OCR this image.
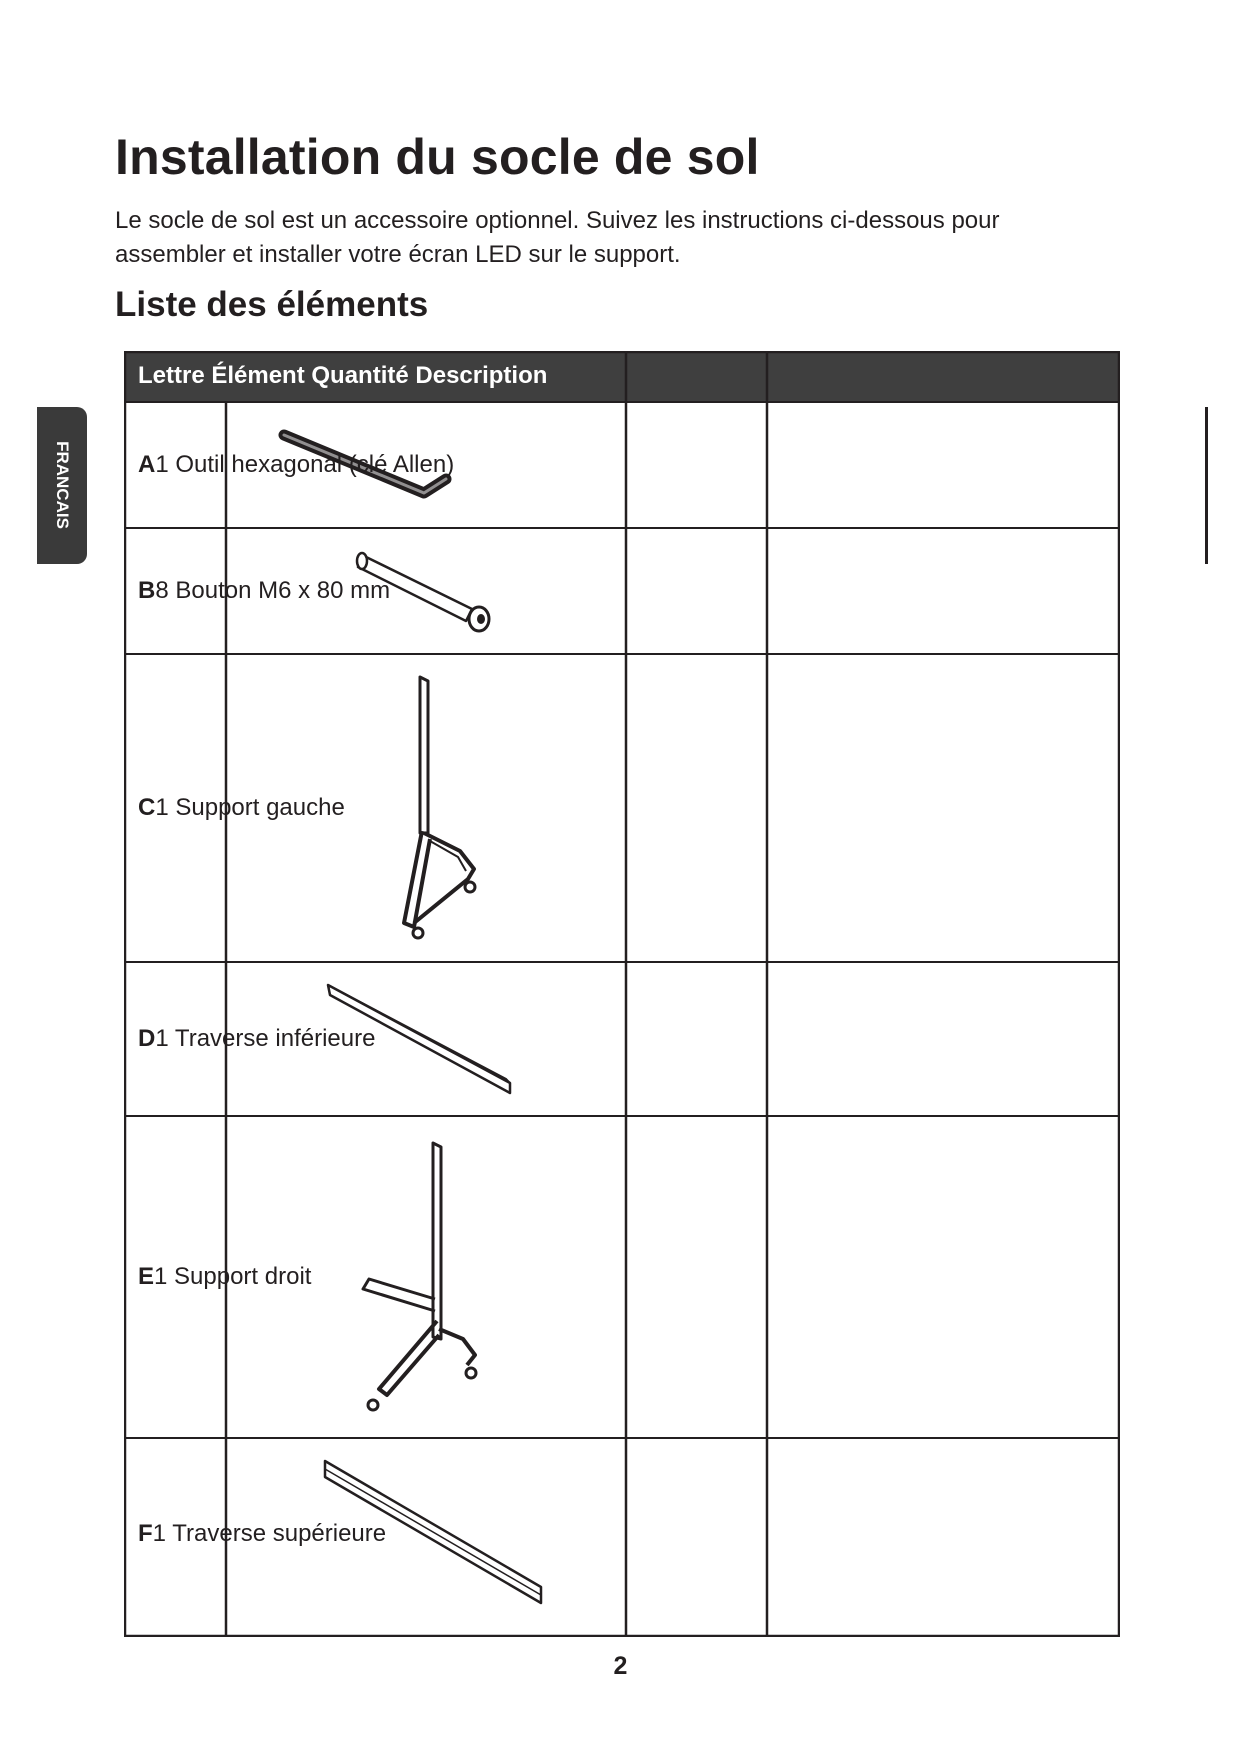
Installation du socle de sol

Le socle de sol est un accessoire optionnel. Suivez les instructions ci-dessous pour assembler et installer votre écran LED sur le support.

Liste des éléments
FRANCAIS
Lettre Élément Quantité Description
A1 Outil hexagonal (clé Allen)
B8 Bouton M6 x 80 mm
C1 Support gauche
D1 Traverse inférieure
E1 Support droit
F1 Traverse supérieure
2
